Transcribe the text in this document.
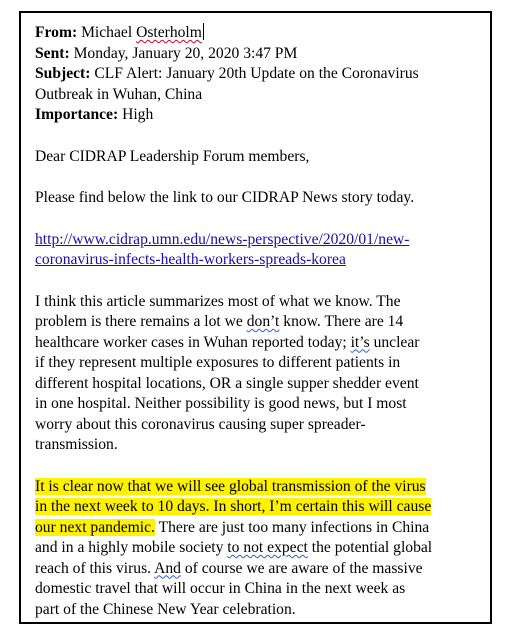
From: Michael Osterholm
Sent: Monday, January 20, 2020 3:47 PM
Subject: CLF Alert: January 20th Update on the Coronavirus
Outbreak in Wuhan, China
Importance: High
Dear CIDRAP Leadership Forum members,
Please find below the link to our CIDRAP News story today.
http://www.cidrap.umn.edu/news-perspective/2020/01/new-
coronavirus-infects-health-workers-spreads-korea
I think this article summarizes most of what we know. The
problem is there remains a lot we don’t know. There are 14
healthcare worker cases in Wuhan reported today; it’s unclear
if they represent multiple exposures to different patients in
different hospital locations, OR a single supper shedder event
in one hospital. Neither possibility is good news, but I most
worry about this coronavirus causing super spreader-
transmission.
It is clear now that we will see global transmission of the virus
in the next week to 10 days. In short, I’m certain this will cause
our next pandemic. There are just too many infections in China
and in a highly mobile society to not expect the potential global
reach of this virus. And of course we are aware of the massive
domestic travel that will occur in China in the next week as
part of the Chinese New Year celebration.
